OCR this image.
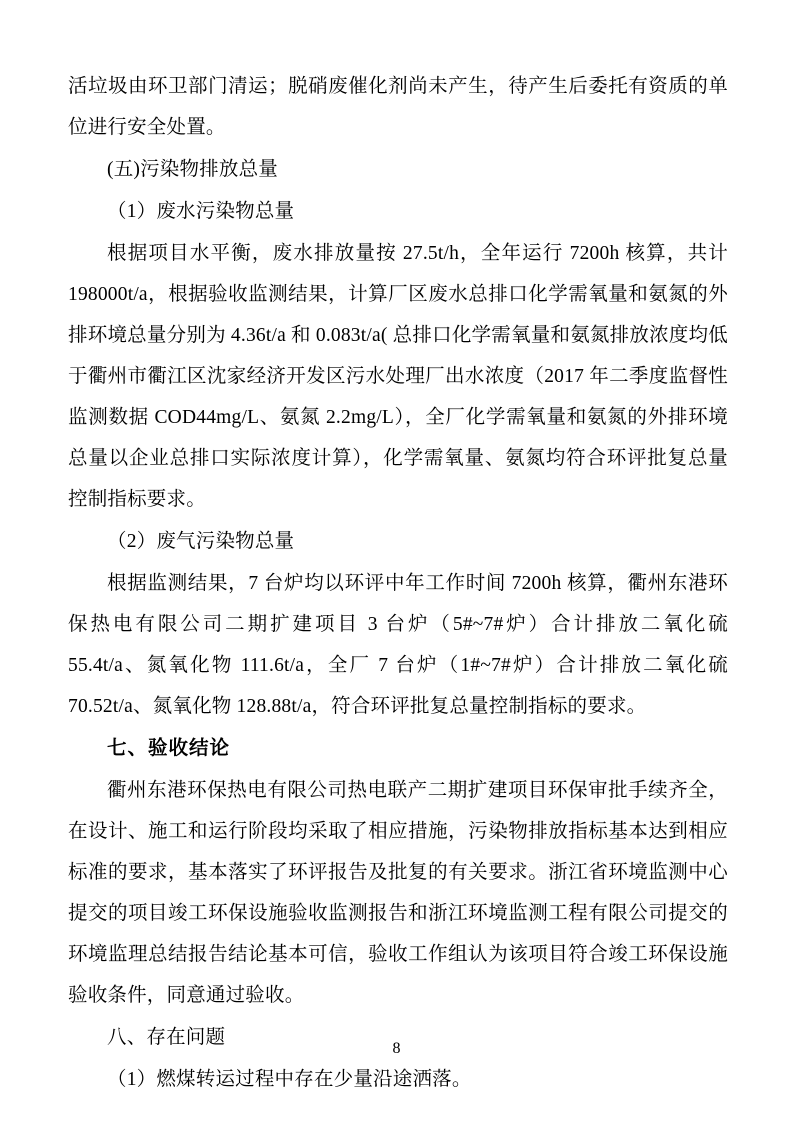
活垃圾由环卫部门清运；脱硝废催化剂尚未产生，待产生后委托有资质的单位进行安全处置。

(五)污染物排放总量

（1）废水污染物总量

根据项目水平衡，废水排放量按 27.5t/h，全年运行 7200h 核算，共计198000t/a，根据验收监测结果，计算厂区废水总排口化学需氧量和氨氮的外排环境总量分别为 4.36t/a 和 0.083t/a( 总排口化学需氧量和氨氮排放浓度均低于衢州市衢江区沈家经济开发区污水处理厂出水浓度（2017 年二季度监督性监测数据 COD44mg/L、氨氮 2.2mg/L），全厂化学需氧量和氨氮的外排环境总量以企业总排口实际浓度计算），化学需氧量、氨氮均符合环评批复总量控制指标要求。

（2）废气污染物总量

根据监测结果，7 台炉均以环评中年工作时间 7200h 核算，衢州东港环保热电有限公司二期扩建项目 3 台炉（5#~7#炉）合计排放二氧化硫 55.4t/a、氮氧化物 111.6t/a，全厂 7 台炉（1#~7#炉）合计排放二氧化硫 70.52t/a、氮氧化物 128.88t/a，符合环评批复总量控制指标的要求。

七、验收结论

衢州东港环保热电有限公司热电联产二期扩建项目环保审批手续齐全，在设计、施工和运行阶段均采取了相应措施，污染物排放指标基本达到相应标准的要求，基本落实了环评报告及批复的有关要求。浙江省环境监测中心提交的项目竣工环保设施验收监测报告和浙江环境监测工程有限公司提交的环境监理总结报告结论基本可信，验收工作组认为该项目符合竣工环保设施验收条件，同意通过验收。

八、存在问题

（1）燃煤转运过程中存在少量沿途洒落。

8
